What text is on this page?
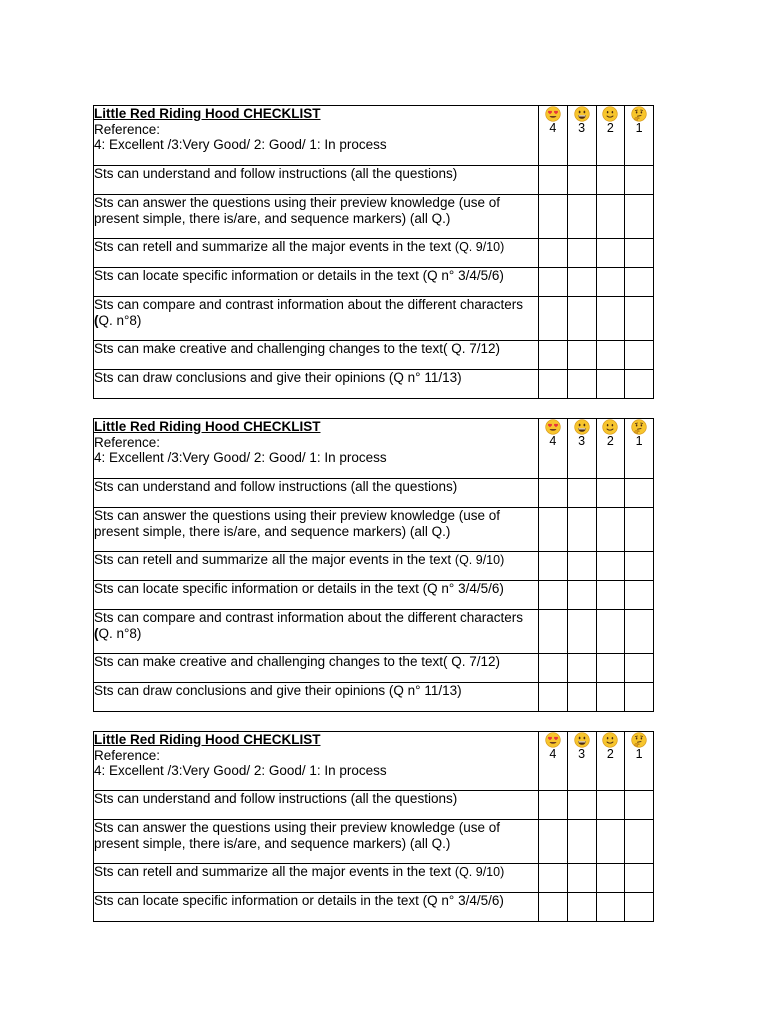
Little Red Riding Hood CHECKLIST
Reference:
4: Excellent /3:Very Good/ 2: Good/ 1: In process	4	3	2	1

Sts can understand and follow instructions (all the questions)				
Sts can answer the questions using their preview knowledge (use of present simple, there is/are, and sequence markers) (all Q.)				
Sts can retell and summarize all the major events in the text (Q. 9/10)				
Sts can locate specific information or details in the text (Q n° 3/4/5/6)				
Sts can compare and contrast information about the different characters (Q. n°8)				
Sts can make creative and challenging changes to the text( Q. 7/12)				
Sts can draw conclusions and give their opinions (Q n° 11/13)				
Little Red Riding Hood CHECKLIST
Reference:
4: Excellent /3:Very Good/ 2: Good/ 1: In process	4	3	2	1

Sts can understand and follow instructions (all the questions)				
Sts can answer the questions using their preview knowledge (use of present simple, there is/are, and sequence markers) (all Q.)				
Sts can retell and summarize all the major events in the text (Q. 9/10)				
Sts can locate specific information or details in the text (Q n° 3/4/5/6)				
Sts can compare and contrast information about the different characters (Q. n°8)				
Sts can make creative and challenging changes to the text( Q. 7/12)				
Sts can draw conclusions and give their opinions (Q n° 11/13)				
Little Red Riding Hood CHECKLIST
Reference:
4: Excellent /3:Very Good/ 2: Good/ 1: In process	4	3	2	1

Sts can understand and follow instructions (all the questions)				
Sts can answer the questions using their preview knowledge (use of present simple, there is/are, and sequence markers) (all Q.)				
Sts can retell and summarize all the major events in the text (Q. 9/10)				
Sts can locate specific information or details in the text (Q n° 3/4/5/6)				
